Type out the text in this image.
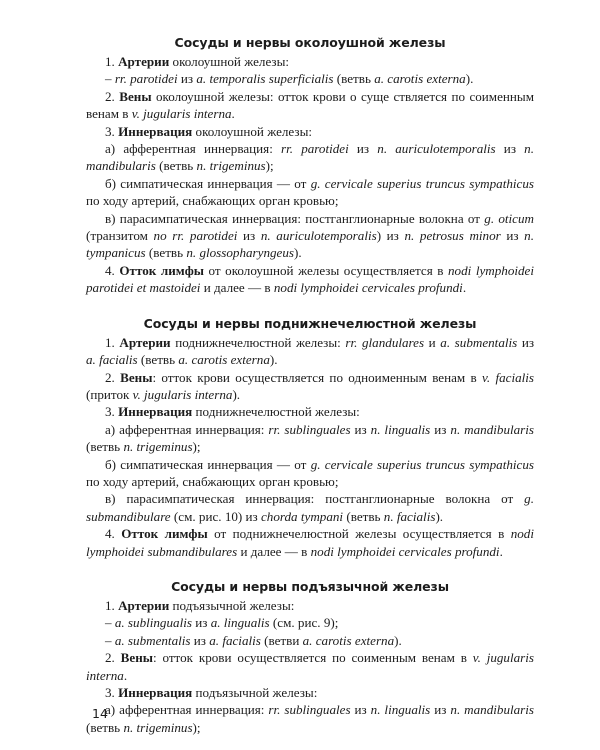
Сосуды и нервы околоушной железы

1. Артерии околоушной железы:

– rr. parotidei из a. temporalis superficialis (ветвь a. carotis externa).

2. Вены околоушной железы: отток крови о суще ствляется по соименным венам в v. jugularis interna.

3. Иннервация околоушной железы:

а) афферентная иннервация: rr. parotidei из n. auriculotemporalis из n. mandibularis (ветвь n. trigeminus);

б) симпатическая иннервация — от g. cervicale superius truncus sympathicus по ходу артерий, снабжающих орган кровью;

в) парасимпатическая иннервация: постганглионарные волокна от g. oticum (транзитом no rr. parotidei из n. auriculotemporalis) из n. petrosus minor из n. tympanicus (ветвь n. glossopharyngeus).

4. Отток лимфы от околоушной железы осуществляется в nodi lymphoidei parotidei et mastoidei и далее — в nodi lymphoidei cervicales profundi.

Сосуды и нервы поднижнечелюстной железы

1. Артерии поднижнечелюстной железы: rr. glandulares и a. submentalis из a. facialis (ветвь a. carotis externa).

2. Вены: отток крови осуществляется по одноименным венам в v. facialis (приток v. jugularis interna).

3. Иннервация поднижнечелюстной железы:

а) афферентная иннервация: rr. sublinguales из n. lingualis из n. mandibularis (ветвь n. trigeminus);

б) симпатическая иннервация — от g. cervicale superius truncus sympathicus по ходу артерий, снабжающих орган кровью;

в) парасимпатическая иннервация: постганглионарные волокна от g. submandibulare (см. рис. 10) из chorda tympani (ветвь n. facialis).

4. Отток лимфы от поднижнечелюстной железы осуществляется в nodi lymphoidei submandibulares и далее — в nodi lymphoidei cervicales profundi.

Сосуды и нервы подъязычной железы

1. Артерии подъязычной железы:

– a. sublingualis из a. lingualis (см. рис. 9);

– a. submentalis из a. facialis (ветви a. carotis externa).

2. Вены: отток крови осуществляется по соименным венам в v. jugularis interna.

3. Иннервация подъязычной железы:

а) афферентная иннервация: rr. sublinguales из n. lingualis из n. mandibularis (ветвь n. trigeminus);

14
